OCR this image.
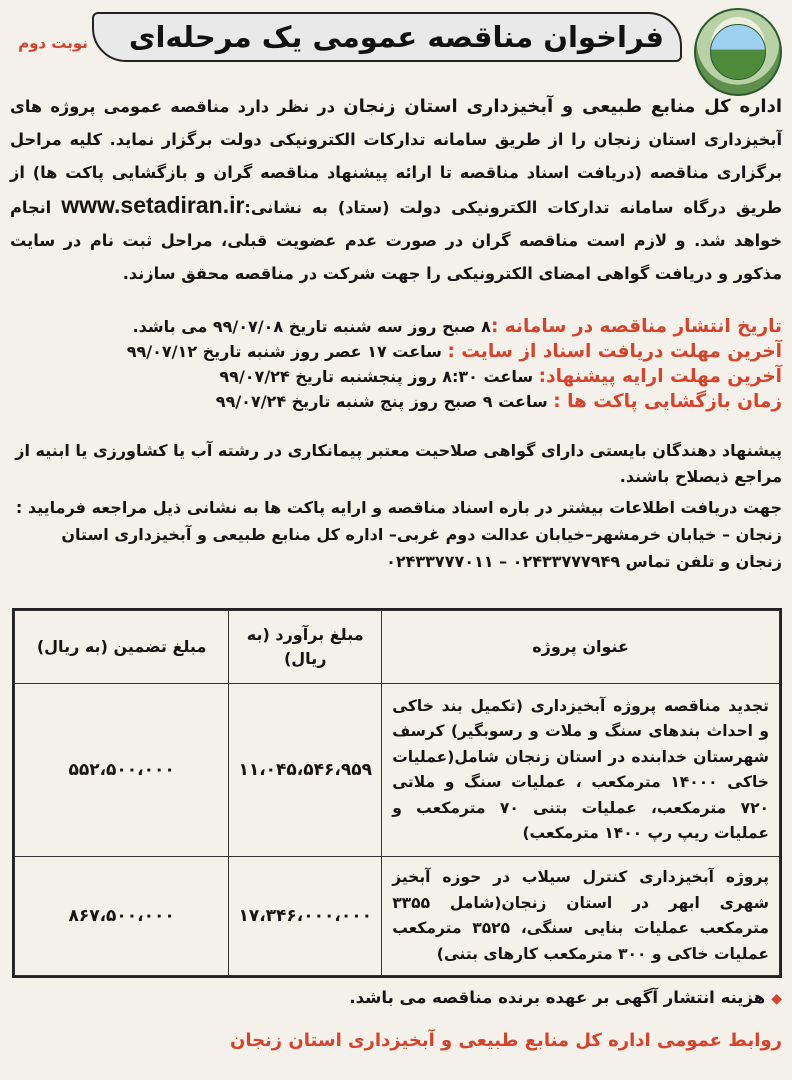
فراخوان مناقصه عمومی یک مرحله‌ای
نوبت دوم
اداره کل منابع طبیعی و آبخیزداری استان زنجان در نظر دارد مناقصه عمومی پروژه های آبخیزداری استان زنجان را از طریق سامانه تدارکات الکترونیکی دولت برگزار نماید. کلیه مراحل برگزاری مناقصه (دریافت اسناد مناقصه تا ارائه پیشنهاد مناقصه گران و بازگشایی پاکت ها) از طریق درگاه سامانه تدارکات الکترونیکی دولت (ستاد) به نشانی:www.setadiran.ir انجام خواهد شد. و لازم است مناقصه گران در صورت عدم عضویت قبلی، مراحل ثبت نام در سایت مذکور و دریافت گواهی امضای الکترونیکی را جهت شرکت در مناقصه محقق سازند.
تاریخ انتشار مناقصه در سامانه :۸ صبح روز سه شنبه تاریخ ۹۹/۰۷/۰۸ می باشد.
آخرین مهلت دریافت اسناد از سایت : ساعت ۱۷ عصر روز شنبه تاریخ ۹۹/۰۷/۱۲
آخرین مهلت ارایه پیشنهاد: ساعت ۸:۳۰ روز پنجشنبه تاریخ ۹۹/۰۷/۲۴
زمان بازگشایی پاکت ها : ساعت ۹ صبح روز پنج شنبه تاریخ ۹۹/۰۷/۲۴
پیشنهاد دهندگان بایستی دارای گواهی صلاحیت معتبر پیمانکاری در رشته آب یا کشاورزی یا ابنیه از مراجع ذیصلاح باشند.
جهت دریافت اطلاعات بیشتر در باره اسناد مناقصه و ارایه پاکت ها به نشانی ذیل مراجعه فرمایید :
زنجان – خیابان خرمشهر–خیابان عدالت دوم غربی– اداره کل منابع طبیعی و آبخیزداری استان زنجان و تلفن تماس ۰۲۴۳۳۷۷۷۰۱۱ – ۰۲۴۳۳۷۷۷۹۴۹
عنوان پروژه	مبلغ برآورد (به ریال)	مبلغ تضمین (به ریال)
تجدید مناقصه پروژه آبخیزداری (تکمیل بند خاکی و احداث بندهای سنگ و ملات و رسوبگیر) کرسف شهرستان خدابنده در استان زنجان شامل(عملیات خاکی ۱۴۰۰۰ مترمکعب ، عملیات سنگ و ملاتی ۷۲۰ مترمکعب، عملیات بتنی ۷۰ مترمکعب و عملیات ریپ رپ ۱۴۰۰ مترمکعب)	۱۱،۰۴۵،۵۴۶،۹۵۹	۵۵۲،۵۰۰،۰۰۰
پروژه آبخیزداری کنترل سیلاب در حوزه آبخیز شهری ابهر در استان زنجان(شامل ۳۳۵۵ مترمکعب عملیات بنایی سنگی، ۳۵۲۵ مترمکعب عملیات خاکی و ۳۰۰ مترمکعب کارهای بتنی)	۱۷،۳۴۶،۰۰۰،۰۰۰	۸۶۷،۵۰۰،۰۰۰
◆هزینه انتشار آگهی بر عهده برنده مناقصه می باشد.
روابط عمومی اداره کل منابع طبیعی و آبخیزداری استان زنجان
